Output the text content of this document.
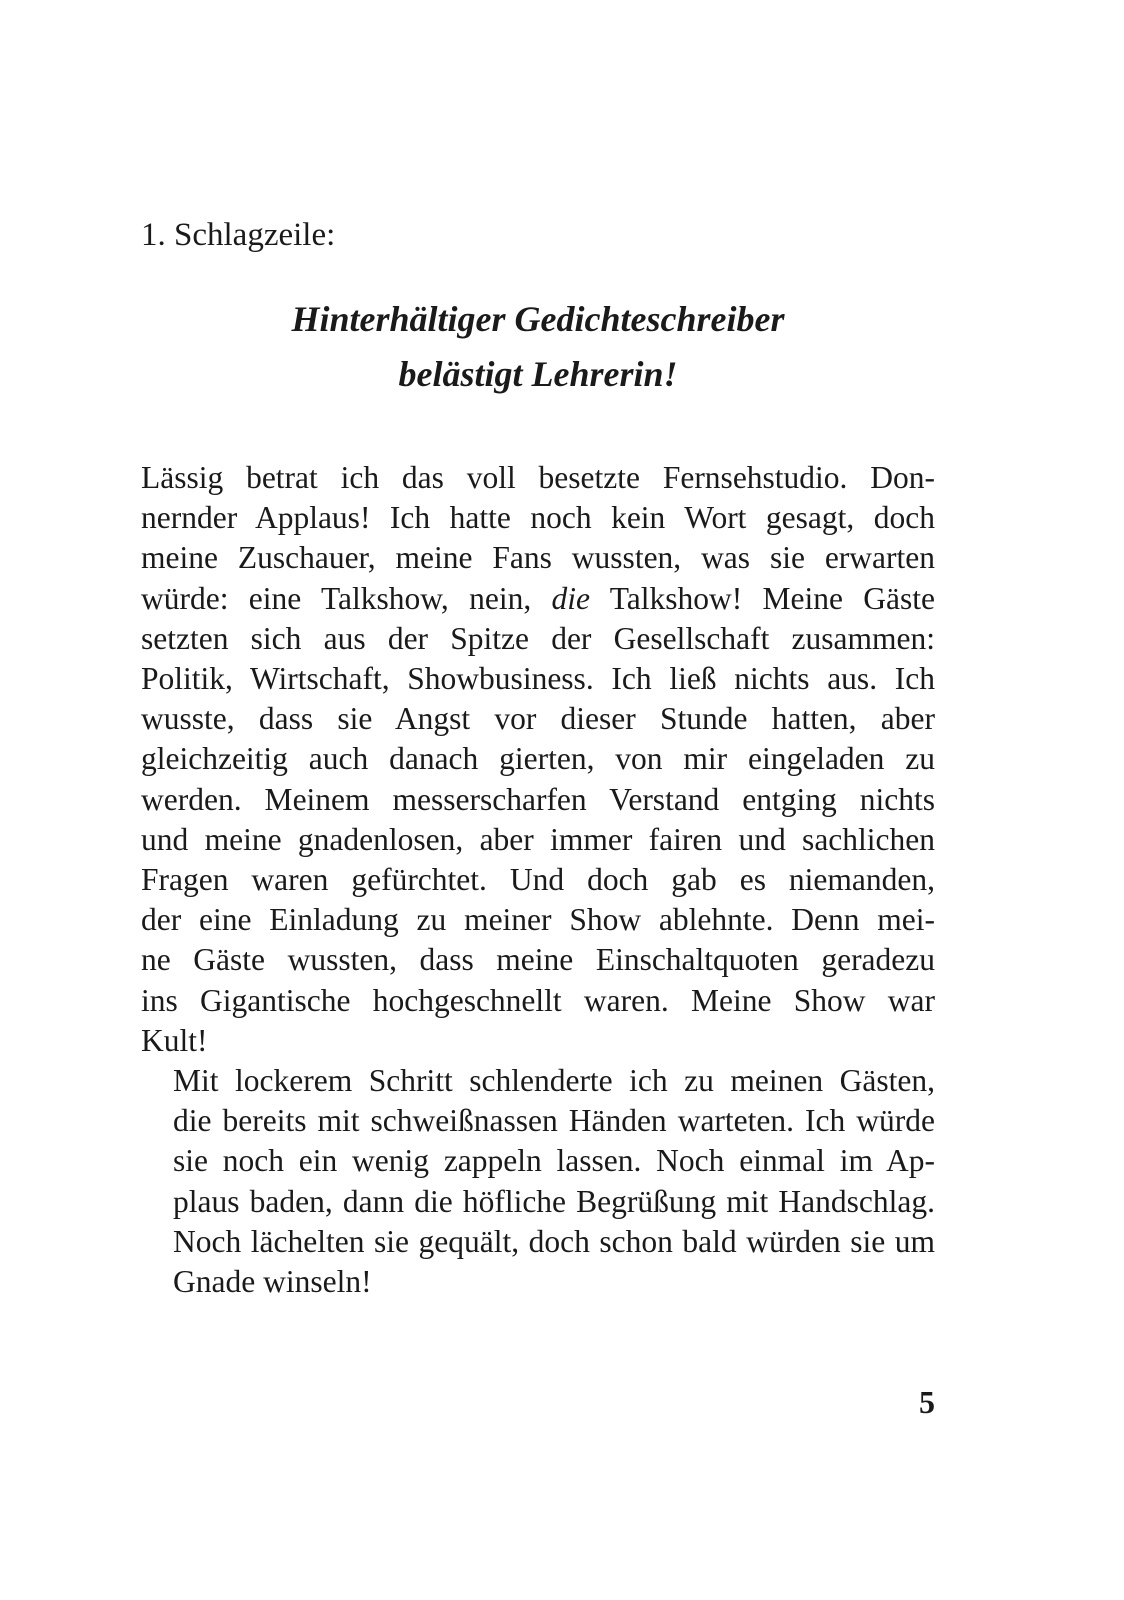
1. Schlagzeile:

Hinterhältiger Gedichteschreiber
belästigt Lehrerin!

Lässig betrat ich das voll besetzte Fernsehstudio. Don-
nernder Applaus! Ich hatte noch kein Wort gesagt, doch
meine Zuschauer, meine Fans wussten, was sie erwarten
würde: eine Talkshow, nein, die Talkshow! Meine Gäste
setzten sich aus der Spitze der Gesellschaft zusammen:
Politik, Wirtschaft, Showbusiness. Ich ließ nichts aus. Ich
wusste, dass sie Angst vor dieser Stunde hatten, aber
gleichzeitig auch danach gierten, von mir eingeladen zu
werden. Meinem messerscharfen Verstand entging nichts
und meine gnadenlosen, aber immer fairen und sachlichen
Fragen waren gefürchtet. Und doch gab es niemanden,
der eine Einladung zu meiner Show ablehnte. Denn mei-
ne Gäste wussten, dass meine Einschaltquoten geradezu
ins Gigantische hochgeschnellt waren. Meine Show war
Kult!

Mit lockerem Schritt schlenderte ich zu meinen Gästen,
die bereits mit schweißnassen Händen warteten. Ich würde
sie noch ein wenig zappeln lassen. Noch einmal im Ap-
plaus baden, dann die höfliche Begrüßung mit Handschlag.
Noch lächelten sie gequält, doch schon bald würden sie um
Gnade winseln!

5
